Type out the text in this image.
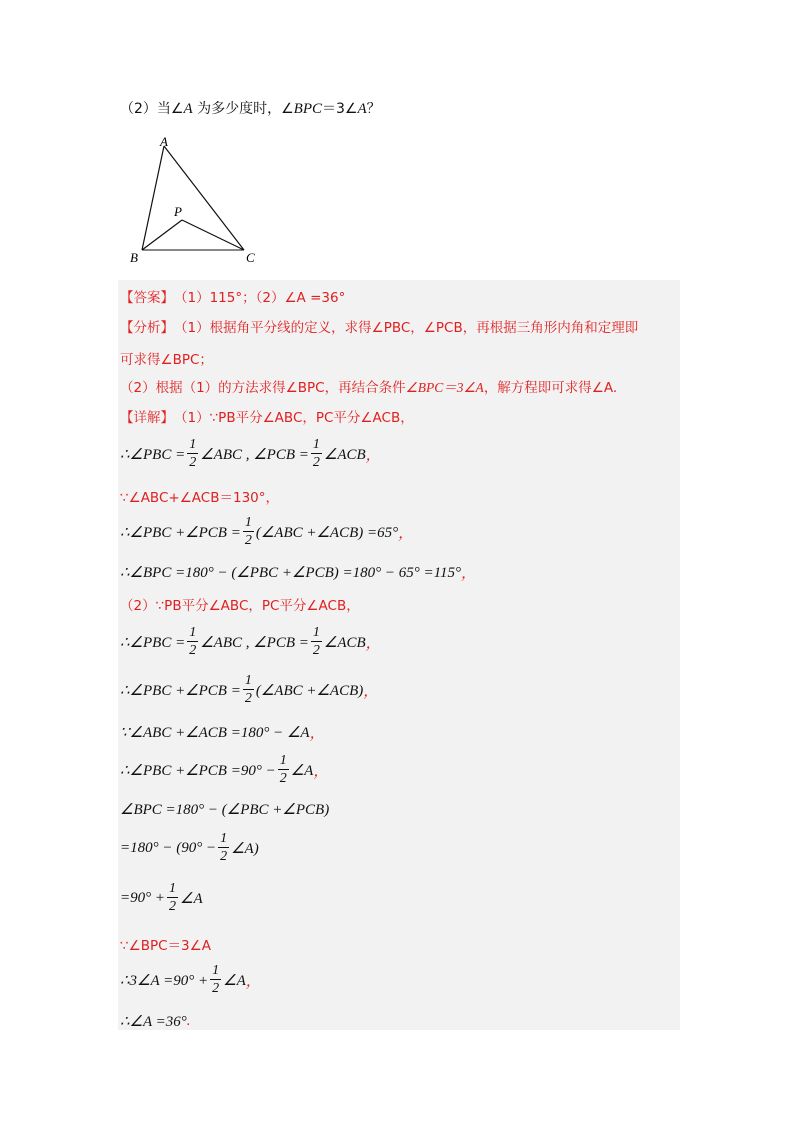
（2）当∠A 为多少度时，∠BPC＝3∠A？
A
P
B	C
【答案】 （1）115°；（2）∠A =36°
【分析】 （1）根据角平分线的定义，求得∠PBC，∠PCB，再根据三角形内角和定理即
可求得∠BPC；
（2）根据（1）的方法求得∠BPC，再结合条件 ∠BPC＝3∠A ，解方程即可求得∠A.
【详解】 （1）∵PB平分∠ABC，PC平分∠ACB，
∴∠PBC = $\frac{1}{2}$ ∠ABC , ∠PCB = $\frac{1}{2}$ ∠ACB ，
∵∠ABC+∠ACB＝130° ，
∴∠PBC +∠PCB = $\frac{1}{2}$ (∠ABC +∠ACB) =65° ，
∴∠BPC =180° − (∠PBC +∠PCB) =180° − 65° =115° ，
（2）∵PB平分∠ABC，PC平分∠ACB，
∴∠PBC = $\frac{1}{2}$ ∠ABC , ∠PCB = $\frac{1}{2}$ ∠ACB ，
∴∠PBC +∠PCB = $\frac{1}{2}$ (∠ABC +∠ACB) ，
∵∠ABC +∠ACB =180° − ∠A ，
∴∠PBC +∠PCB $=90^\circ - \frac{1}{2}$ ∠A ，
∠BPC =180° − (∠PBC +∠PCB)
$=180^\circ - (90^\circ - \frac{1}{2}$ ∠A)
$=90^\circ + \frac{1}{2}$ ∠A
∵∠BPC＝3∠A
∴3∠A $=90^\circ + \frac{1}{2}$ ∠A ，
∴∠A =36° .
